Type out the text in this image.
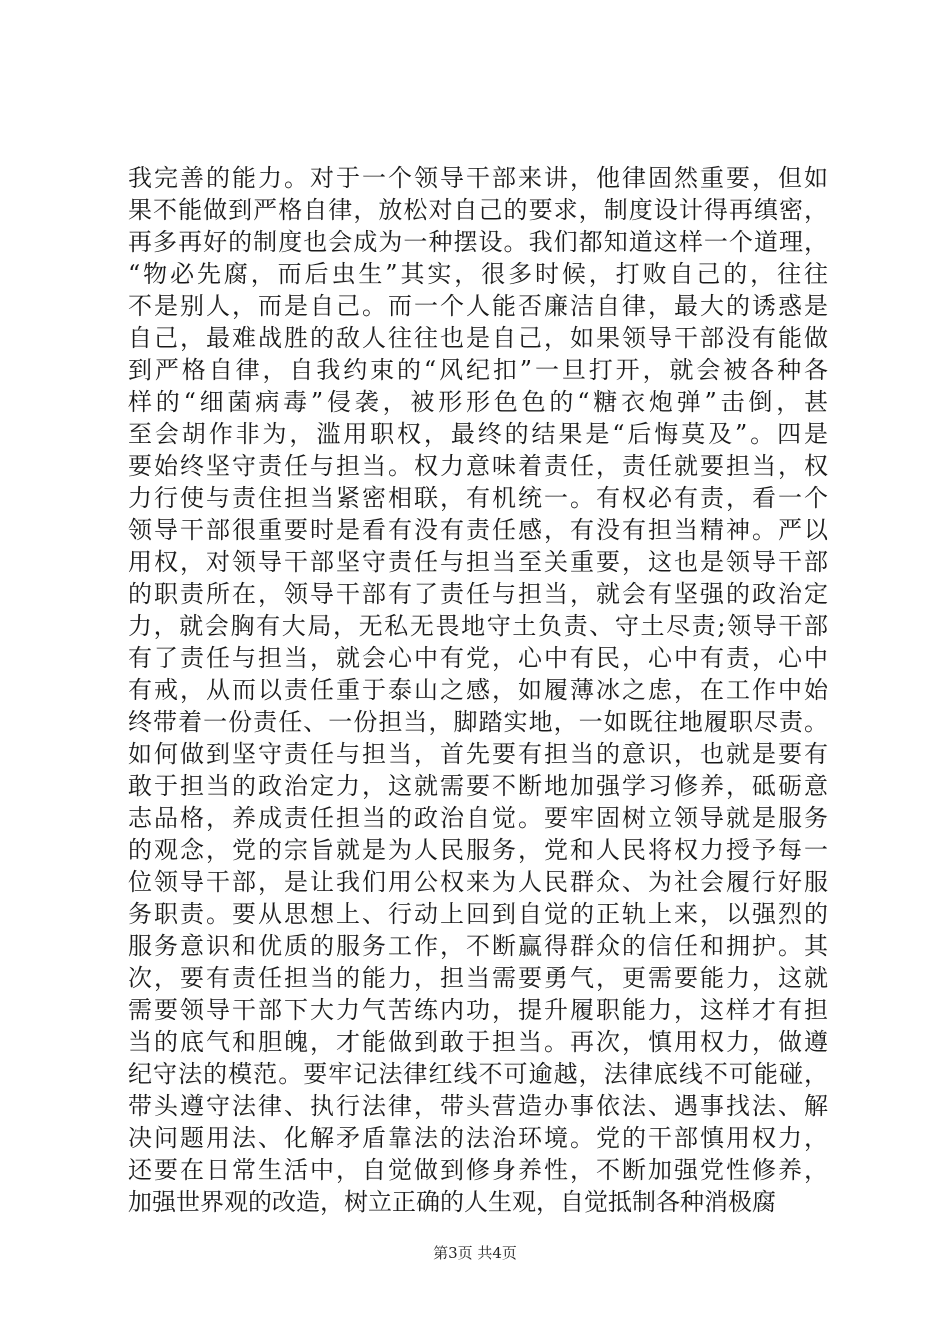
我完善的能力。对于一个领导干部来讲，他律固然重要，但如
果不能做到严格自律，放松对自己的要求，制度设计得再缜密，
再多再好的制度也会成为一种摆设。我们都知道这样一个道理，
“物必先腐，而后虫生”其实，很多时候，打败自己的，往往
不是别人，而是自己。而一个人能否廉洁自律，最大的诱惑是
自己，最难战胜的敌人往往也是自己，如果领导干部没有能做
到严格自律，自我约束的“风纪扣”一旦打开，就会被各种各
样的“细菌病毒”侵袭，被形形色色的“糖衣炮弹”击倒，甚
至会胡作非为，滥用职权，最终的结果是“后悔莫及”。四是
要始终坚守责任与担当。权力意味着责任，责任就要担当，权
力行使与责住担当紧密相联，有机统一。有权必有责，看一个
领导干部很重要时是看有没有责任感，有没有担当精神。严以
用权，对领导干部坚守责任与担当至关重要，这也是领导干部
的职责所在，领导干部有了责任与担当，就会有坚强的政治定
力，就会胸有大局，无私无畏地守土负责、守土尽责;领导干部
有了责任与担当，就会心中有党，心中有民，心中有责，心中
有戒，从而以责任重于泰山之感，如履薄冰之虑，在工作中始
终带着一份责任、一份担当，脚踏实地，一如既往地履职尽责。
如何做到坚守责任与担当，首先要有担当的意识，也就是要有
敢于担当的政治定力，这就需要不断地加强学习修养，砥砺意
志品格，养成责任担当的政治自觉。要牢固树立领导就是服务
的观念，党的宗旨就是为人民服务，党和人民将权力授予每一
位领导干部，是让我们用公权来为人民群众、为社会履行好服
务职责。要从思想上、行动上回到自觉的正轨上来，以强烈的
服务意识和优质的服务工作，不断赢得群众的信任和拥护。其
次，要有责任担当的能力，担当需要勇气，更需要能力，这就
需要领导干部下大力气苦练内功，提升履职能力，这样才有担
当的底气和胆魄，才能做到敢于担当。再次，慎用权力，做遵
纪守法的模范。要牢记法律红线不可逾越，法律底线不可能碰，
带头遵守法律、执行法律，带头营造办事依法、遇事找法、解
决问题用法、化解矛盾靠法的法治环境。党的干部慎用权力，
还要在日常生活中，自觉做到修身养性，不断加强党性修养，
加强世界观的改造，树立正确的人生观，自觉抵制各种消极腐
第3页 共4页
